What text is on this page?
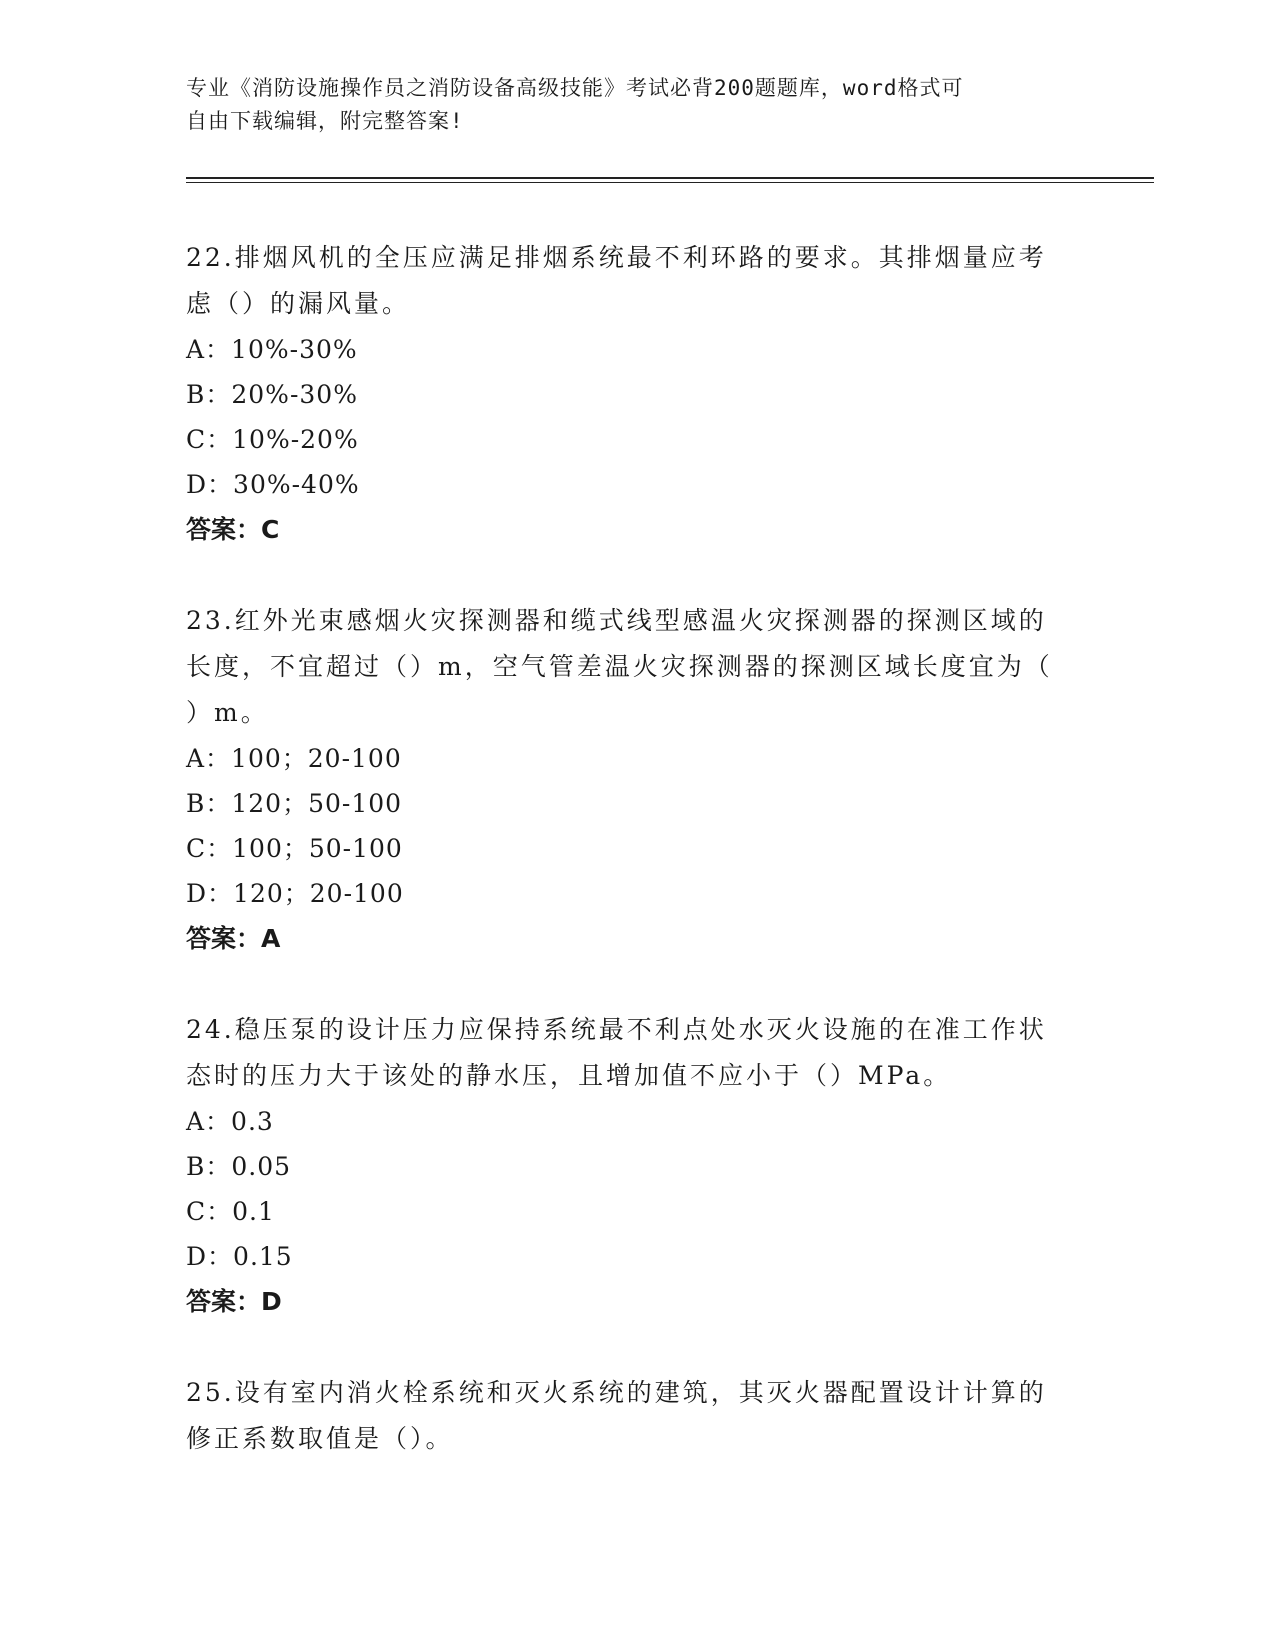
专业《消防设施操作员之消防设备高级技能》考试必背200题题库，word格式可
自由下载编辑，附完整答案!
22.排烟风机的全压应满足排烟系统最不利环路的要求。其排烟量应考
虑（）的漏风量。
A：10%-30%
B：20%-30%
C：10%-20%
D：30%-40%
答案：C
23.红外光束感烟火灾探测器和缆式线型感温火灾探测器的探测区域的
长度，不宜超过（）m，空气管差温火灾探测器的探测区域长度宜为（
）m。
A：100；20-100
B：120；50-100
C：100；50-100
D：120；20-100
答案：A
24.稳压泵的设计压力应保持系统最不利点处水灭火设施的在准工作状
态时的压力大于该处的静水压，且增加值不应小于（）MPa。
A：0.3
B：0.05
C：0.1
D：0.15
答案：D
25.设有室内消火栓系统和灭火系统的建筑，其灭火器配置设计计算的
修正系数取值是（）。
